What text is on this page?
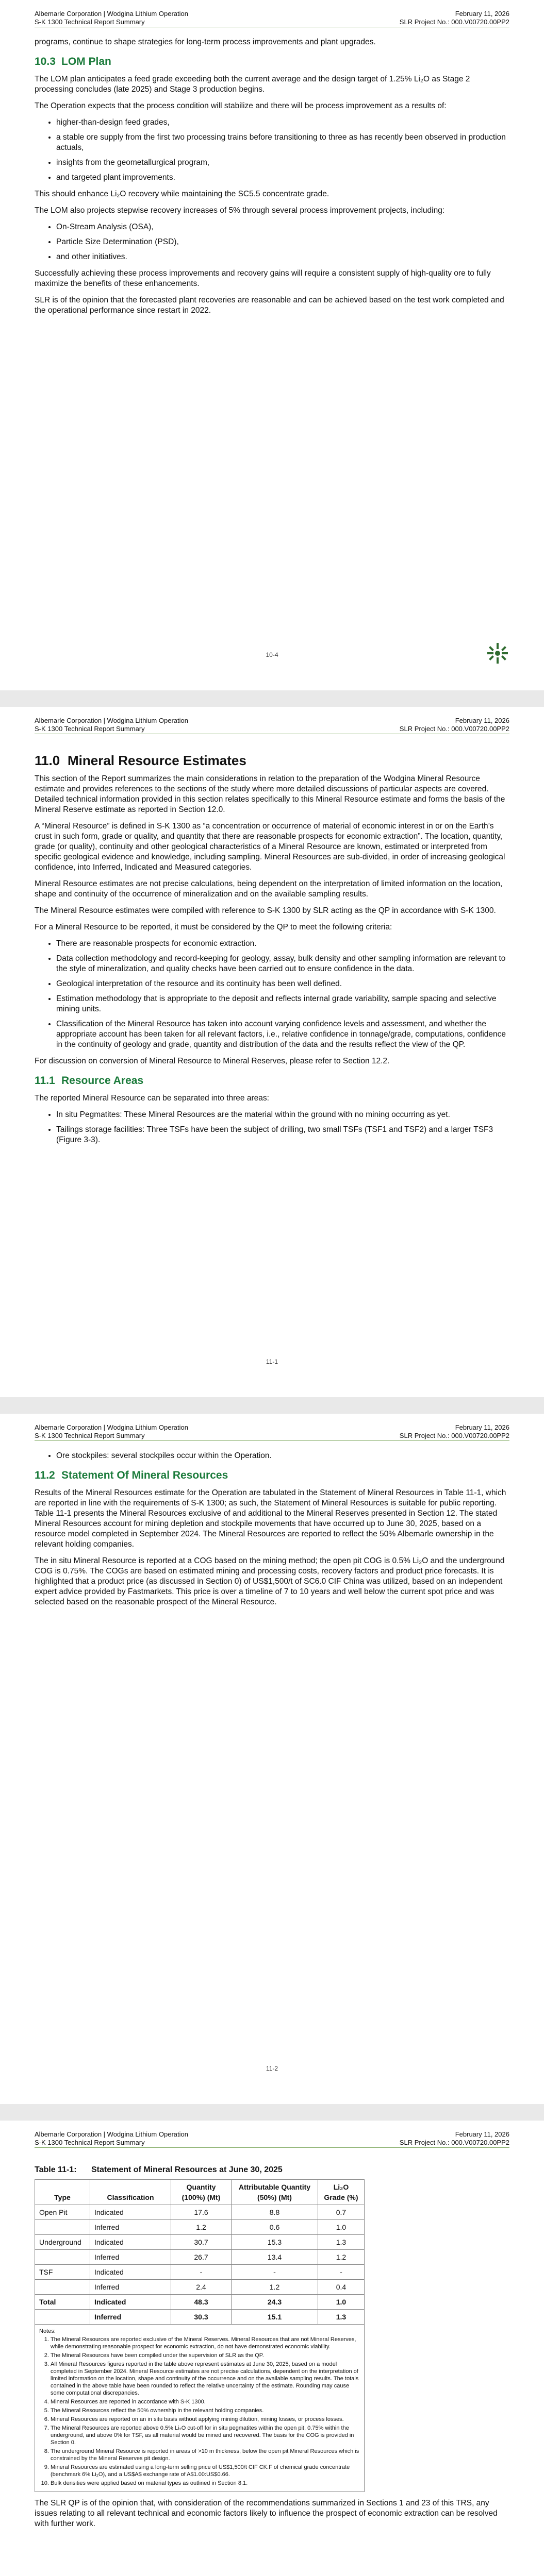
Albemarle Corporation | Wodgina Lithium Operation
S-K 1300 Technical Report Summary
February 11, 2026
SLR Project No.: 000.V00720.00PP2

programs, continue to shape strategies for long-term process improvements and plant upgrades.

10.3 LOM Plan

The LOM plan anticipates a feed grade exceeding both the current average and the design target of 1.25% Li₂O as Stage 2 processing concludes (late 2025) and Stage 3 production begins.

The Operation expects that the process condition will stabilize and there will be process improvement as a results of:

• higher-than-design feed grades,
• a stable ore supply from the first two processing trains before transitioning to three as has recently been observed in production actuals,
• insights from the geometallurgical program,
• and targeted plant improvements.

This should enhance Li₂O recovery while maintaining the SC5.5 concentrate grade.

The LOM also projects stepwise recovery increases of 5% through several process improvement projects, including:

• On-Stream Analysis (OSA),
• Particle Size Determination (PSD),
• and other initiatives.

Successfully achieving these process improvements and recovery gains will require a consistent supply of high-quality ore to fully maximize the benefits of these enhancements.

SLR is of the opinion that the forecasted plant recoveries are reasonable and can be achieved based on the test work completed and the operational performance since restart in 2022.

10-4
Albemarle Corporation | Wodgina Lithium Operation
S-K 1300 Technical Report Summary
February 11, 2026
SLR Project No.: 000.V00720.00PP2
11.0 Mineral Resource Estimates

This section of the Report summarizes the main considerations in relation to the preparation of the Wodgina Mineral Resource estimate and provides references to the sections of the study where more detailed discussions of particular aspects are covered. Detailed technical information provided in this section relates specifically to this Mineral Resource estimate and forms the basis of the Mineral Reserve estimate as reported in Section 12.0.

A “Mineral Resource” is defined in S-K 1300 as “a concentration or occurrence of material of economic interest in or on the Earth’s crust in such form, grade or quality, and quantity that there are reasonable prospects for economic extraction”. The location, quantity, grade (or quality), continuity and other geological characteristics of a Mineral Resource are known, estimated or interpreted from specific geological evidence and knowledge, including sampling. Mineral Resources are sub-divided, in order of increasing geological confidence, into Inferred, Indicated and Measured categories.

Mineral Resource estimates are not precise calculations, being dependent on the interpretation of limited information on the location, shape and continuity of the occurrence of mineralization and on the available sampling results.

The Mineral Resource estimates were compiled with reference to S-K 1300 by SLR acting as the QP in accordance with S-K 1300.

For a Mineral Resource to be reported, it must be considered by the QP to meet the following criteria:

• There are reasonable prospects for economic extraction.
• Data collection methodology and record-keeping for geology, assay, bulk density and other sampling information are relevant to the style of mineralization, and quality checks have been carried out to ensure confidence in the data.
• Geological interpretation of the resource and its continuity has been well defined.
• Estimation methodology that is appropriate to the deposit and reflects internal grade variability, sample spacing and selective mining units.
• Classification of the Mineral Resource has taken into account varying confidence levels and assessment, and whether the appropriate account has been taken for all relevant factors, i.e., relative confidence in tonnage/grade, computations, confidence in the continuity of geology and grade, quantity and distribution of the data and the results reflect the view of the QP.

For discussion on conversion of Mineral Resource to Mineral Reserves, please refer to Section 12.2.

11.1 Resource Areas

The reported Mineral Resource can be separated into three areas:

• In situ Pegmatites: These Mineral Resources are the material within the ground with no mining occurring as yet.
• Tailings storage facilities: Three TSFs have been the subject of drilling, two small TSFs (TSF1 and TSF2) and a larger TSF3 (Figure 3-3).
11-1
Albemarle Corporation | Wodgina Lithium Operation
S-K 1300 Technical Report Summary
February 11, 2026
SLR Project No.: 000.V00720.00PP2
• Ore stockpiles: several stockpiles occur within the Operation.
11.2 Statement Of Mineral Resources

Results of the Mineral Resources estimate for the Operation are tabulated in the Statement of Mineral Resources in Table 11-1, which are reported in line with the requirements of S-K 1300; as such, the Statement of Mineral Resources is suitable for public reporting. Table 11-1 presents the Mineral Resources exclusive of and additional to the Mineral Reserves presented in Section 12. The stated Mineral Resources account for mining depletion and stockpile movements that have occurred up to June 30, 2025, based on a resource model completed in September 2024. The Mineral Resources are reported to reflect the 50% Albemarle ownership in the relevant holding companies.

The in situ Mineral Resource is reported at a COG based on the mining method; the open pit COG is 0.5% Li₂O and the underground COG is 0.75%. The COGs are based on estimated mining and processing costs, recovery factors and product price forecasts. It is highlighted that a product price (as discussed in Section 0) of US$1,500/t of SC6.0 CIF China was utilized, based on an independent expert advice provided by Fastmarkets. This price is over a timeline of 7 to 10 years and well below the current spot price and was selected based on the reasonable prospect of the Mineral Resource.

11-2
Albemarle Corporation | Wodgina Lithium Operation
S-K 1300 Technical Report Summary
February 11, 2026
SLR Project No.: 000.V00720.00PP2
Table 11-1: Statement of Mineral Resources at June 30, 2025
Type	Classification	Quantity (100%) (Mt)	Attributable Quantity (50%) (Mt)	Li₂O Grade (%)
Open Pit	Indicated	17.6	8.8	0.7
	Inferred	1.2	0.6	1.0
Underground	Indicated	30.7	15.3	1.3
	Inferred	26.7	13.4	1.2
TSF	Indicated	-	-	-
	Inferred	2.4	1.2	0.4
Total	Indicated	48.3	24.3	1.0
	Inferred	30.3	15.1	1.3
Notes:
1. The Mineral Resources are reported exclusive of the Mineral Reserves. Mineral Resources that are not Mineral Reserves, while demonstrating reasonable prospect for economic extraction, do not have demonstrated economic viability.
2. The Mineral Resources have been compiled under the supervision of SLR as the QP.
3. All Mineral Resources figures reported in the table above represent estimates at June 30, 2025, based on a model completed in September 2024. Mineral Resource estimates are not precise calculations, dependent on the interpretation of limited information on the location, shape and continuity of the occurrence and on the available sampling results. The totals contained in the above table have been rounded to reflect the relative uncertainty of the estimate. Rounding may cause some computational discrepancies.
4. Mineral Resources are reported in accordance with S-K 1300.
5. The Mineral Resources reflect the 50% ownership in the relevant holding companies.
6. Mineral Resources are reported on an in situ basis without applying mining dilution, mining losses, or process losses.
7. The Mineral Resources are reported above 0.5% Li₂O cut-off for in situ pegmatites within the open pit, 0.75% within the underground, and above 0% for TSF, as all material would be mined and recovered. The basis for the COG is provided in Section 0.
8. The underground Mineral Resource is reported in areas of >10 m thickness, below the open pit Mineral Resources which is constrained by the Mineral Reserves pit design.
9. Mineral Resources are estimated using a long-term selling price of US$1,500/t CIF CK.F of chemical grade concentrate (benchmark 6% Li₂O), and a US$A$ exchange rate of A$1.00:US$0.66.
10. Bulk densities were applied based on material types as outlined in Section 8.1.

The SLR QP is of the opinion that, with consideration of the recommendations summarized in Sections 1 and 23 of this TRS, any issues relating to all relevant technical and economic factors likely to influence the prospect of economic extraction can be resolved with further work.
